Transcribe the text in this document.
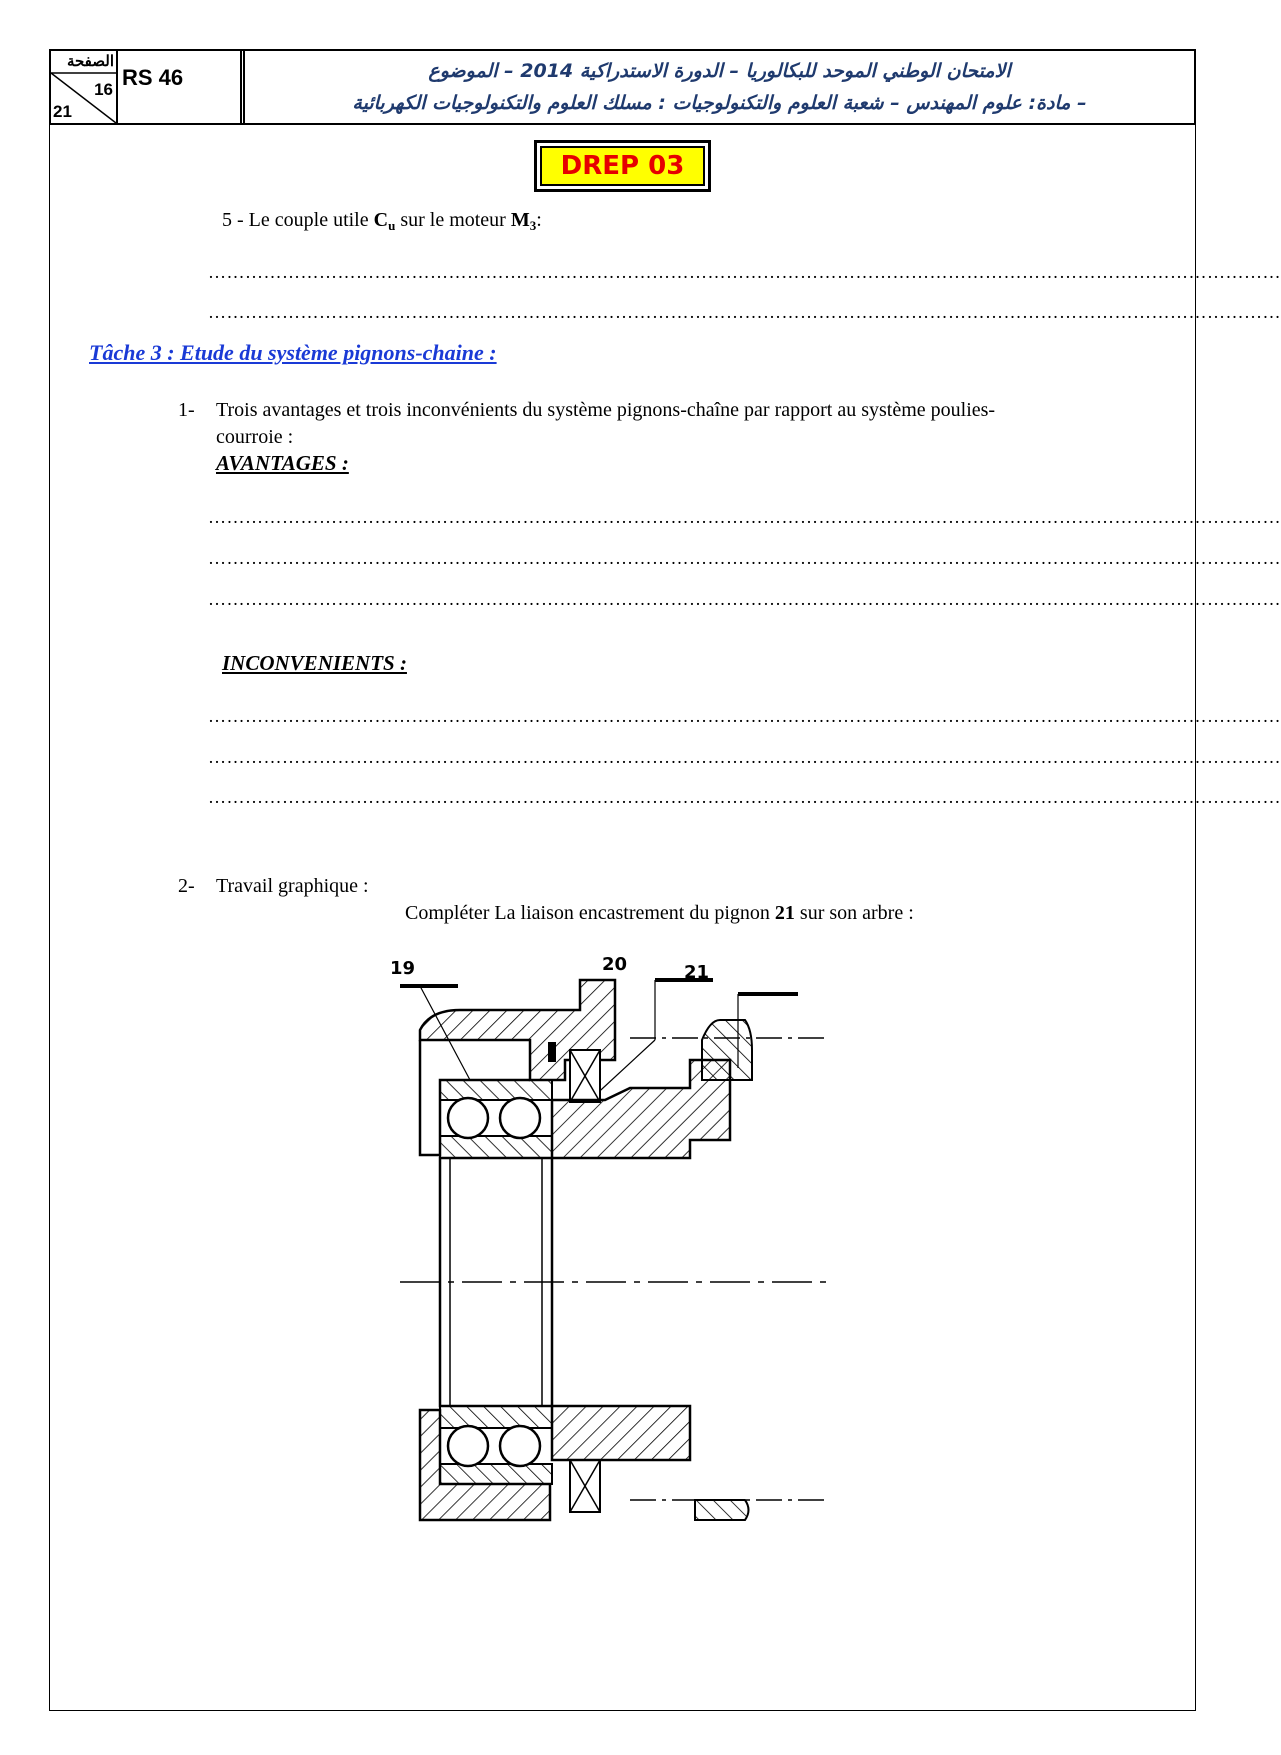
الصفحة
16
21
RS 46	الامتحان الوطني الموحد للبكالوريا – الدورة الاستدراكية 2014 – الموضوع
– مادة: علوم المهندس – شعبة العلوم والتكنولوجيات : مسلك العلوم والتكنولوجيات الكهربائية
DREP 03
5 - Le couple utile $C_u$ sur le moteur $M_3$:
…………………………………………………………………………………………………………………………………………………………
…………………………………………………………………………………………………………………………………………………………
Tâche 3 : Etude du système pignons-chaine :
1- Trois avantages et trois inconvénients du système pignons-chaîne par rapport au système poulies-
courroie :
AVANTAGES :
…………………………………………………………………………………………………………………………………………………………
…………………………………………………………………………………………………………………………………………………………
…………………………………………………………………………………………………………………………………………………………
INCONVENIENTS :
…………………………………………………………………………………………………………………………………………………………
…………………………………………………………………………………………………………………………………………………………
…………………………………………………………………………………………………………………………………………………………
2- Travail graphique :
Compléter La liaison encastrement du pignon 21 sur son arbre :
19	20	21
